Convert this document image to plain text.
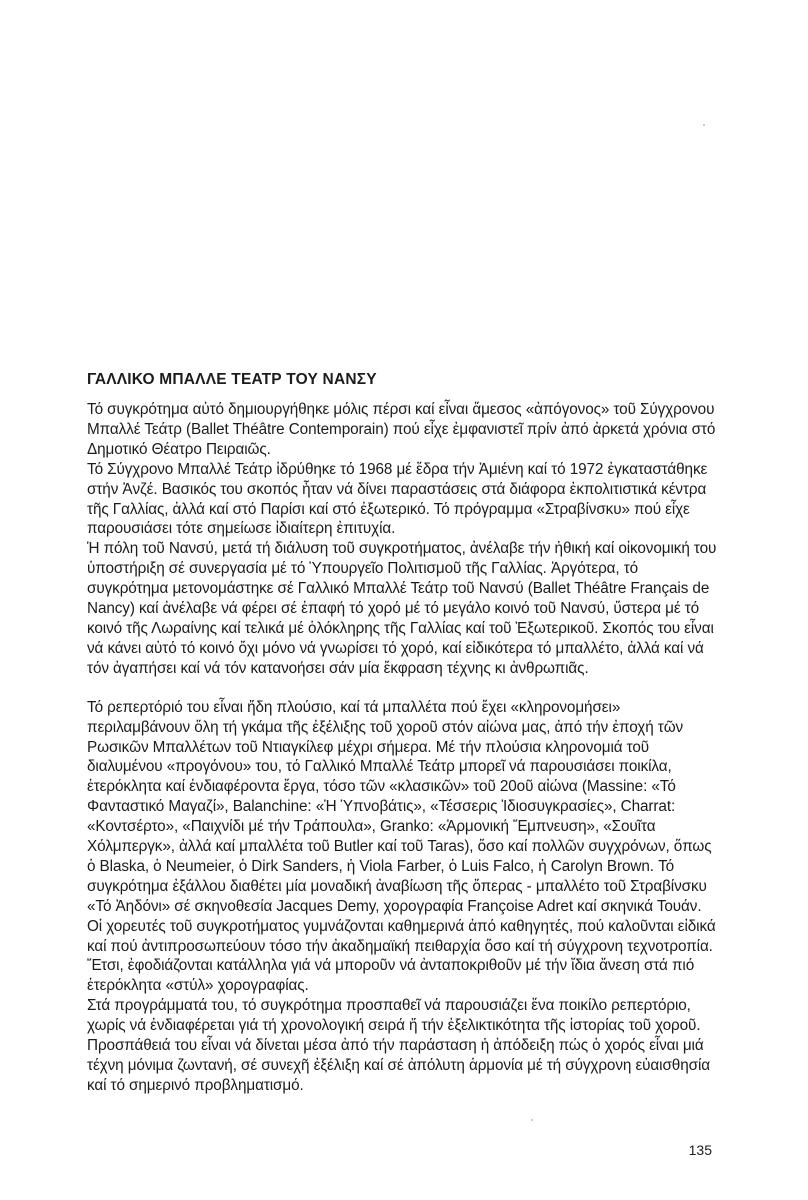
ΓΑΛΛΙΚΟ ΜΠΑΛΛΕ ΤΕΑΤΡ ΤΟΥ ΝΑΝΣΥ

Τό συγκρότημα αὐτό δημιουργήθηκε μόλις πέρσι καί εἶναι ἄμεσος «ἀπόγονος» τοῦ Σύγχρονου Μπαλλέ Τεάτρ (Ballet Théâtre Contemporain) πού εἶχε ἐμφανιστεῖ πρίν ἀπό ἀρκετά χρόνια στό Δημοτικό Θέατρο Πειραιῶς.

Τό Σύγχρονο Μπαλλέ Τεάτρ ἱδρύθηκε τό 1968 μέ ἕδρα τήν Ἀμιένη καί τό 1972 ἐγκαταστάθηκε στήν Ἀνζέ. Βασικός του σκοπός ἦταν νά δίνει παραστάσεις στά διάφορα ἐκπολιτιστικά κέντρα τῆς Γαλλίας, ἀλλά καί στό Παρίσι καί στό ἐξωτερικό. Τό πρόγραμμα «Στραβίνσκυ» πού εἶχε παρουσιάσει τότε σημείωσε ἰδιαίτερη ἐπιτυχία.

Ἡ πόλη τοῦ Νανσύ, μετά τή διάλυση τοῦ συγκροτήματος, ἀνέλαβε τήν ἠθική καί οἰκονομική του ὑποστήριξη σέ συνεργασία μέ τό Ὑπουργεῖο Πολιτισμοῦ τῆς Γαλλίας. Ἀργότερα, τό συγκρότημα μετονομάστηκε σέ Γαλλικό Μπαλλέ Τεάτρ τοῦ Νανσύ (Ballet Théâtre Français de Nancy) καί ἀνέλαβε νά φέρει σέ ἐπαφή τό χορό μέ τό μεγάλο κοινό τοῦ Νανσύ, ὕστερα μέ τό κοινό τῆς Λωραίνης καί τελικά μέ ὁλόκληρης τῆς Γαλλίας καί τοῦ Ἐξωτερικοῦ. Σκοπός του εἶναι νά κάνει αὐτό τό κοινό ὄχι μόνο νά γνωρίσει τό χορό, καί εἰδικότερα τό μπαλλέτο, ἀλλά καί νά τόν ἀγαπήσει καί νά τόν κατανοήσει σάν μία ἔκφραση τέχνης κι ἀνθρωπιᾶς.

Τό ρεπερτόριό του εἶναι ἤδη πλούσιο, καί τά μπαλλέτα πού ἔχει «κληρονομήσει» περιλαμβάνουν ὅλη τή γκάμα τῆς ἐξέλιξης τοῦ χοροῦ στόν αἰώνα μας, ἀπό τήν ἐποχή τῶν Ρωσικῶν Μπαλλέτων τοῦ Ντιαγκίλεφ μέχρι σήμερα. Μέ τήν πλούσια κληρονομιά τοῦ διαλυμένου «προγόνου» του, τό Γαλλικό Μπαλλέ Τεάτρ μπορεῖ νά παρουσιάσει ποικίλα, ἑτερόκλητα καί ἐνδιαφέροντα ἔργα, τόσο τῶν «κλασικῶν» τοῦ 20οῦ αἰώνα (Massine: «Τό Φανταστικό Μαγαζί», Balanchine: «Ἡ Ὑπνοβάτις», «Τέσσερις Ἰδιοσυγκρασίες», Charrat: «Κοντσέρτο», «Παιχνίδι μέ τήν Τράπουλα», Granko: «Ἁρμονική Ἔμπνευση», «Σουῖτα Χόλμπεργκ», ἀλλά καί μπαλλέτα τοῦ Butler καί τοῦ Taras), ὅσο καί πολλῶν συγχρόνων, ὅπως ὁ Blaska, ὁ Neumeier, ὁ Dirk Sanders, ἡ Viola Farber, ὁ Luis Falco, ἡ Carolyn Brown. Τό συγκρότημα ἐξάλλου διαθέτει μία μοναδική ἀναβίωση τῆς ὄπερας - μπαλλέτο τοῦ Στραβίνσκυ «Τό Ἀηδόνι» σέ σκηνοθεσία Jacques Demy, χορογραφία Françoise Adret καί σκηνικά Τουάν.

Οἱ χορευτές τοῦ συγκροτήματος γυμνάζονται καθημερινά ἀπό καθηγητές, πού καλοῦνται εἰδικά καί πού ἀντιπροσωπεύουν τόσο τήν ἀκαδημαϊκή πειθαρχία ὅσο καί τή σύγχρονη τεχνοτροπία. Ἔτσι, ἐφοδιάζονται κατάλληλα γιά νά μποροῦν νά ἀνταποκριθοῦν μέ τήν ἴδια ἄνεση στά πιό ἑτερόκλητα «στύλ» χορογραφίας.

Στά προγράμματά του, τό συγκρότημα προσπαθεῖ νά παρουσιάζει ἕνα ποικίλο ρεπερτόριο, χωρίς νά ἐνδιαφέρεται γιά τή χρονολογική σειρά ἤ τήν ἐξελικτικότητα τῆς ἱστορίας τοῦ χοροῦ. Προσπάθειά του εἶναι νά δίνεται μέσα ἀπό τήν παράσταση ἡ ἀπόδειξη πώς ὁ χορός εἶναι μιά τέχνη μόνιμα ζωντανή, σέ συνεχῆ ἐξέλιξη καί σέ ἀπόλυτη ἁρμονία μέ τή σύγχρονη εὐαισθησία καί τό σημερινό προβληματισμό.

135
